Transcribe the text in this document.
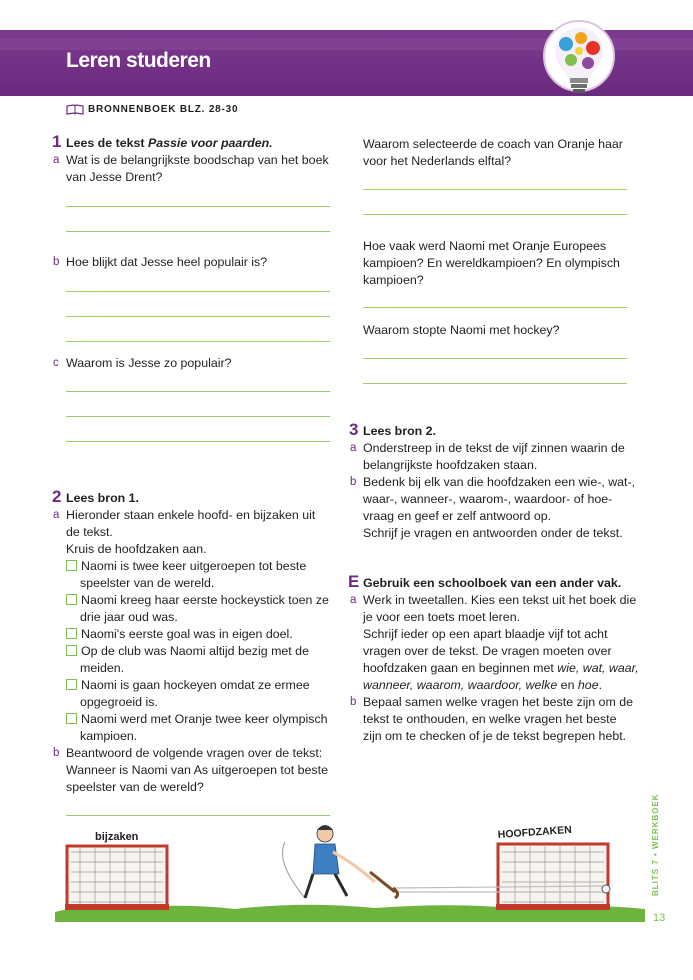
Leren studeren
BRONNENBOEK BLZ. 28-30
1 Lees de tekst Passie voor paarden.
a Wat is de belangrijkste boodschap van het boek
van Jesse Drent?
b Hoe blijkt dat Jesse heel populair is?
c Waarom is Jesse zo populair?
2 Lees bron 1.
a Hieronder staan enkele hoofd- en bijzaken uit
de tekst.
Kruis de hoofdzaken aan.
Naomi is twee keer uitgeroepen tot beste
speelster van de wereld.
Naomi kreeg haar eerste hockeystick toen ze
drie jaar oud was.
Naomi's eerste goal was in eigen doel.
Op de club was Naomi altijd bezig met de
meiden.
Naomi is gaan hockeyen omdat ze ermee
opgegroeid is.
Naomi werd met Oranje twee keer olympisch
kampioen.
b Beantwoord de volgende vragen over de tekst:
Wanneer is Naomi van As uitgeroepen tot beste
speelster van de wereld?
Waarom selecteerde de coach van Oranje haar
voor het Nederlands elftal?
Hoe vaak werd Naomi met Oranje Europees
kampioen? En wereldkampioen? En olympisch
kampioen?
Waarom stopte Naomi met hockey?
3 Lees bron 2.
a Onderstreep in de tekst de vijf zinnen waarin de
belangrijkste hoofdzaken staan.
b Bedenk bij elk van die hoofdzaken een wie-, wat-,
waar-, wanneer-, waarom-, waardoor- of hoe-
vraag en geef er zelf antwoord op.
Schrijf je vragen en antwoorden onder de tekst.
E Gebruik een schoolboek van een ander vak.
a Werk in tweetallen. Kies een tekst uit het boek die
je voor een toets moet leren.
Schrijf ieder op een apart blaadje vijf tot acht
vragen over de tekst. De vragen moeten over
hoofdzaken gaan en beginnen met wie, wat, waar,
wanneer, waarom, waardoor, welke en hoe.
b Bepaal samen welke vragen het beste zijn om de
tekst te onthouden, en welke vragen het beste
zijn om te checken of je de tekst begrepen hebt.
bijzaken	HOOFDZAKEN	BLITS 7 • WERKBOEK
13
